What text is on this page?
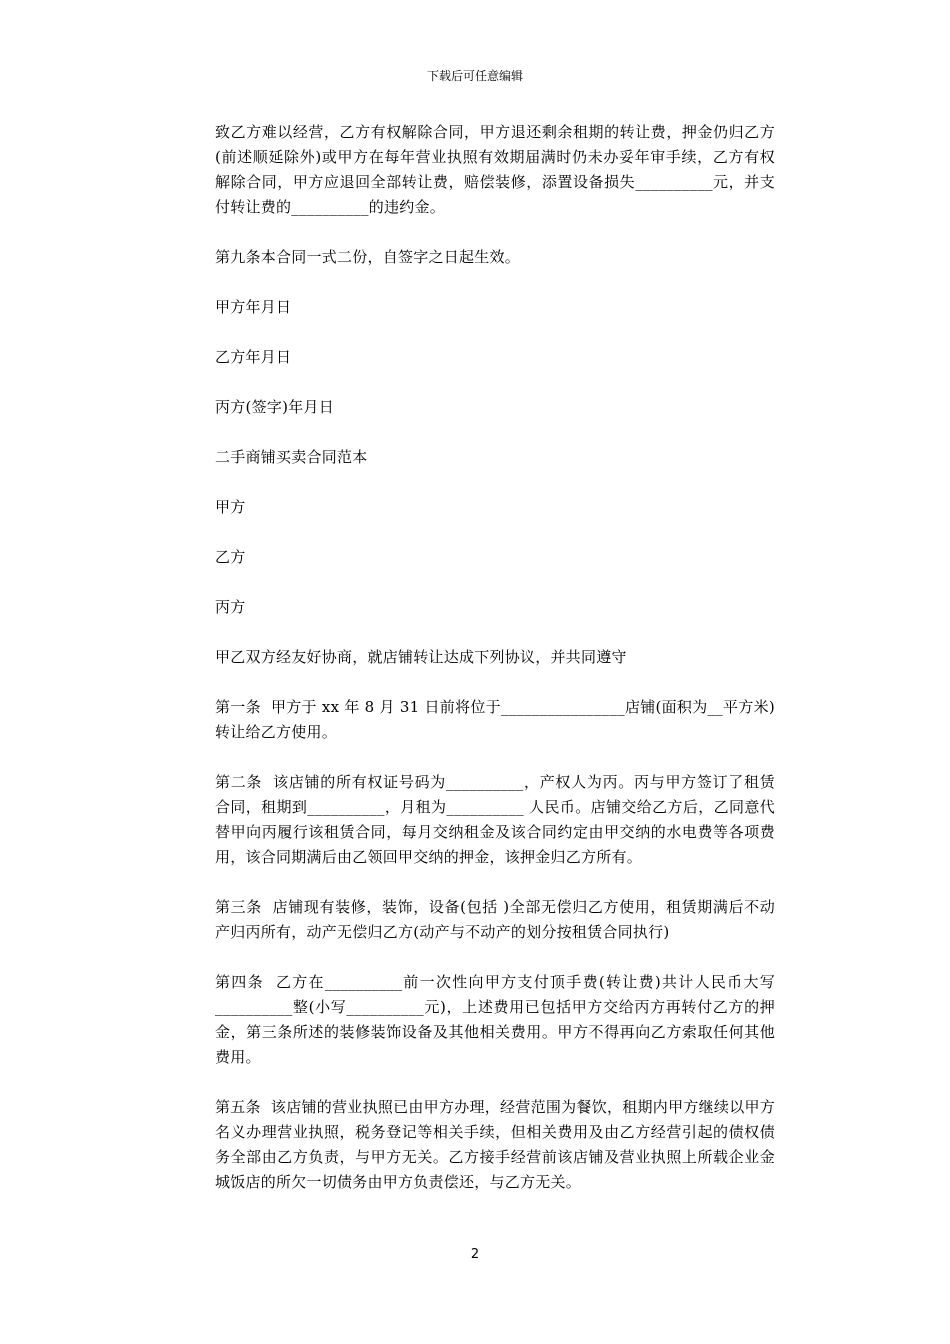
下载后可任意编辑

致乙方难以经营，乙方有权解除合同，甲方退还剩余租期的转让费，押金仍归乙方(前述顺延除外)或甲方在每年营业执照有效期届满时仍未办妥年审手续，乙方有权解除合同，甲方应退回全部转让费，赔偿装修，添置设备损失__________元，并支付转让费的__________的违约金。

第九条本合同一式二份，自签字之日起生效。

甲方年月日

乙方年月日

丙方(签字)年月日

二手商铺买卖合同范本

甲方

乙方

丙方

甲乙双方经友好协商，就店铺转让达成下列协议，并共同遵守

第一条  甲方于 xx 年 8 月 31 日前将位于________________店铺(面积为__平方米)转让给乙方使用。

第二条  该店铺的所有权证号码为__________，产权人为丙。丙与甲方签订了租赁合同，租期到__________，月租为__________ 人民币。店铺交给乙方后，乙同意代替甲向丙履行该租赁合同，每月交纳租金及该合同约定由甲交纳的水电费等各项费用，该合同期满后由乙领回甲交纳的押金，该押金归乙方所有。

第三条  店铺现有装修，装饰，设备(包括 )全部无偿归乙方使用，租赁期满后不动产归丙所有，动产无偿归乙方(动产与不动产的划分按租赁合同执行)

第四条  乙方在__________前一次性向甲方支付顶手费(转让费)共计人民币大写__________整(小写__________元)，上述费用已包括甲方交给丙方再转付乙方的押金，第三条所述的装修装饰设备及其他相关费用。甲方不得再向乙方索取任何其他费用。

第五条  该店铺的营业执照已由甲方办理，经营范围为餐饮，租期内甲方继续以甲方名义办理营业执照，税务登记等相关手续，但相关费用及由乙方经营引起的债权债务全部由乙方负责，与甲方无关。乙方接手经营前该店铺及营业执照上所载企业金城饭店的所欠一切债务由甲方负责偿还，与乙方无关。

2
